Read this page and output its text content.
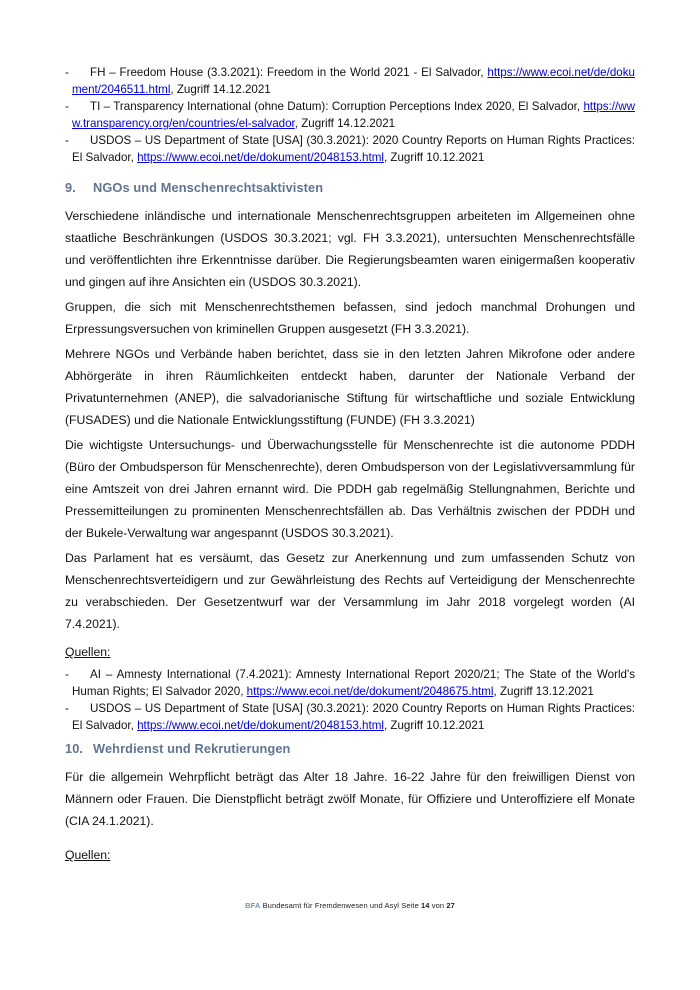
- FH – Freedom House (3.3.2021): Freedom in the World 2021 - El Salvador, https://www.ecoi.net/de/dokument/2046511.html, Zugriff 14.12.2021
- TI – Transparency International (ohne Datum): Corruption Perceptions Index 2020, El Salvador, https://www.transparency.org/en/countries/el-salvador, Zugriff 14.12.2021
- USDOS – US Department of State [USA] (30.3.2021): 2020 Country Reports on Human Rights Practices: El Salvador, https://www.ecoi.net/de/dokument/2048153.html, Zugriff 10.12.2021
9. NGOs und Menschenrechtsaktivisten

Verschiedene inländische und internationale Menschenrechtsgruppen arbeiteten im Allgemeinen ohne staatliche Beschränkungen (USDOS 30.3.2021; vgl. FH 3.3.2021), untersuchten Menschenrechtsfälle und veröffentlichten ihre Erkenntnisse darüber. Die Regierungsbeamten waren einigermaßen kooperativ und gingen auf ihre Ansichten ein (USDOS 30.3.2021).

Gruppen, die sich mit Menschenrechtsthemen befassen, sind jedoch manchmal Drohungen und Erpressungsversuchen von kriminellen Gruppen ausgesetzt (FH 3.3.2021).

Mehrere NGOs und Verbände haben berichtet, dass sie in den letzten Jahren Mikrofone oder andere Abhörgeräte in ihren Räumlichkeiten entdeckt haben, darunter der Nationale Verband der Privatunternehmen (ANEP), die salvadorianische Stiftung für wirtschaftliche und soziale Entwicklung (FUSADES) und die Nationale Entwicklungsstiftung (FUNDE) (FH 3.3.2021)

Die wichtigste Untersuchungs- und Überwachungsstelle für Menschenrechte ist die autonome PDDH (Büro der Ombudsperson für Menschenrechte), deren Ombudsperson von der Legislativversammlung für eine Amtszeit von drei Jahren ernannt wird. Die PDDH gab regelmäßig Stellungnahmen, Berichte und Pressemitteilungen zu prominenten Menschenrechtsfällen ab. Das Verhältnis zwischen der PDDH und der Bukele-Verwaltung war angespannt (USDOS 30.3.2021).

Das Parlament hat es versäumt, das Gesetz zur Anerkennung und zum umfassenden Schutz von Menschenrechtsverteidigern und zur Gewährleistung des Rechts auf Verteidigung der Menschenrechte zu verabschieden. Der Gesetzentwurf war der Versammlung im Jahr 2018 vorgelegt worden (AI 7.4.2021).

Quellen:
- AI – Amnesty International (7.4.2021): Amnesty International Report 2020/21; The State of the World's Human Rights; El Salvador 2020, https://www.ecoi.net/de/dokument/2048675.html, Zugriff 13.12.2021
- USDOS – US Department of State [USA] (30.3.2021): 2020 Country Reports on Human Rights Practices: El Salvador, https://www.ecoi.net/de/dokument/2048153.html, Zugriff 10.12.2021
10. Wehrdienst und Rekrutierungen

Für die allgemein Wehrpflicht beträgt das Alter 18 Jahre. 16-22 Jahre für den freiwilligen Dienst von Männern oder Frauen. Die Dienstpflicht beträgt zwölf Monate, für Offiziere und Unteroffiziere elf Monate (CIA 24.1.2021).

Quellen:
BFA Bundesamt für Fremdenwesen und Asyl Seite 14 von 27
